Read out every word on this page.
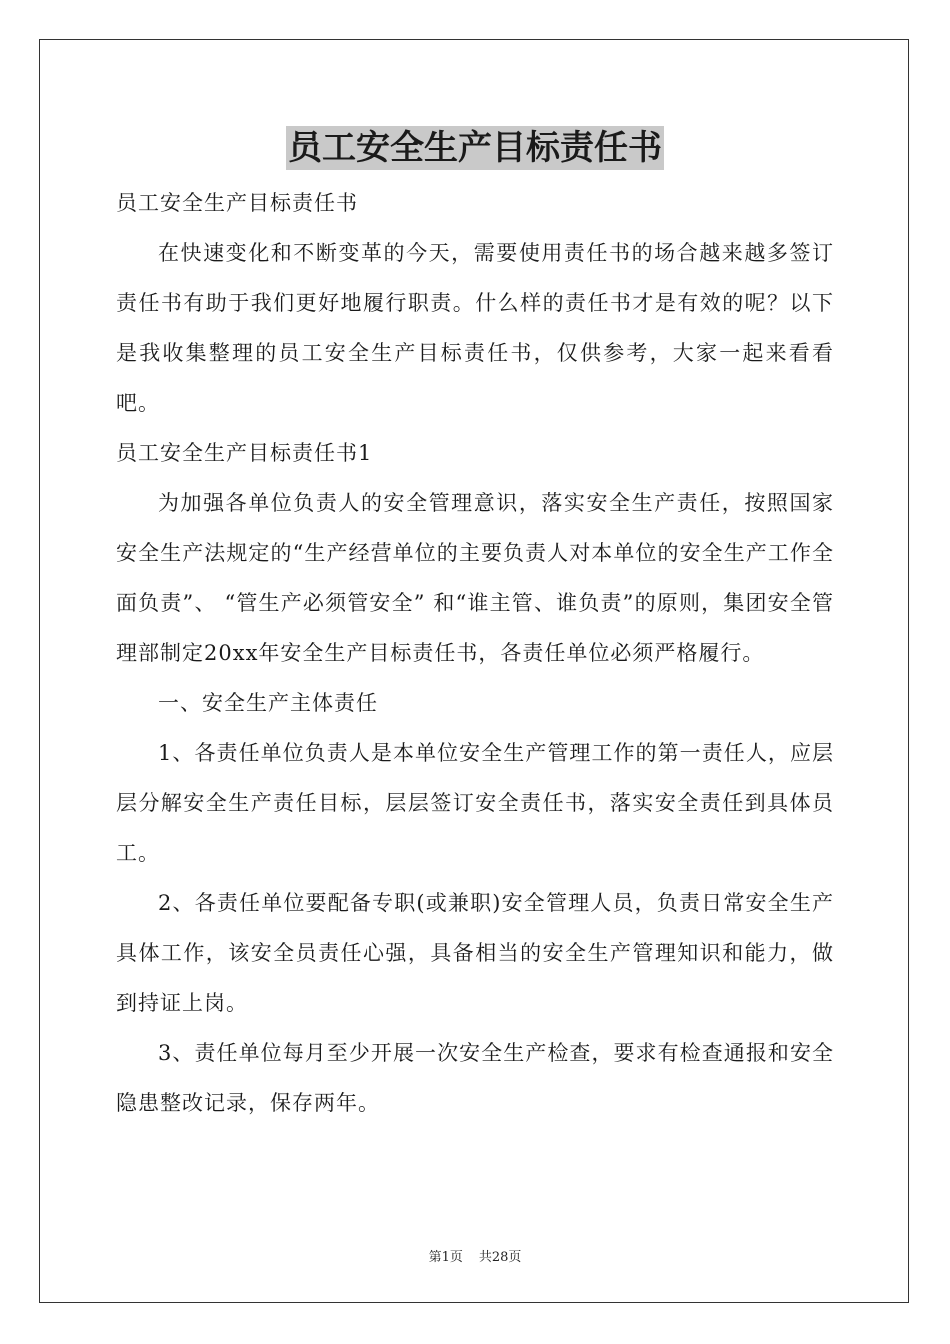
员工安全生产目标责任书

员工安全生产目标责任书

在快速变化和不断变革的今天，需要使用责任书的场合越来越多签订责任书有助于我们更好地履行职责。什么样的责任书才是有效的呢？以下是我收集整理的员工安全生产目标责任书，仅供参考，大家一起来看看吧。

员工安全生产目标责任书1

为加强各单位负责人的安全管理意识，落实安全生产责任，按照国家安全生产法规定的“生产经营单位的主要负责人对本单位的安全生产工作全面负责”、 “管生产必须管安全” 和“谁主管、谁负责”的原则，集团安全管理部制定20xx年安全生产目标责任书，各责任单位必须严格履行。

一、安全生产主体责任

1、各责任单位负责人是本单位安全生产管理工作的第一责任人，应层层分解安全生产责任目标，层层签订安全责任书，落实安全责任到具体员工。

2、各责任单位要配备专职(或兼职)安全管理人员，负责日常安全生产具体工作，该安全员责任心强，具备相当的安全生产管理知识和能力，做到持证上岗。

3、责任单位每月至少开展一次安全生产检查，要求有检查通报和安全隐患整改记录，保存两年。

第1页 共28页
